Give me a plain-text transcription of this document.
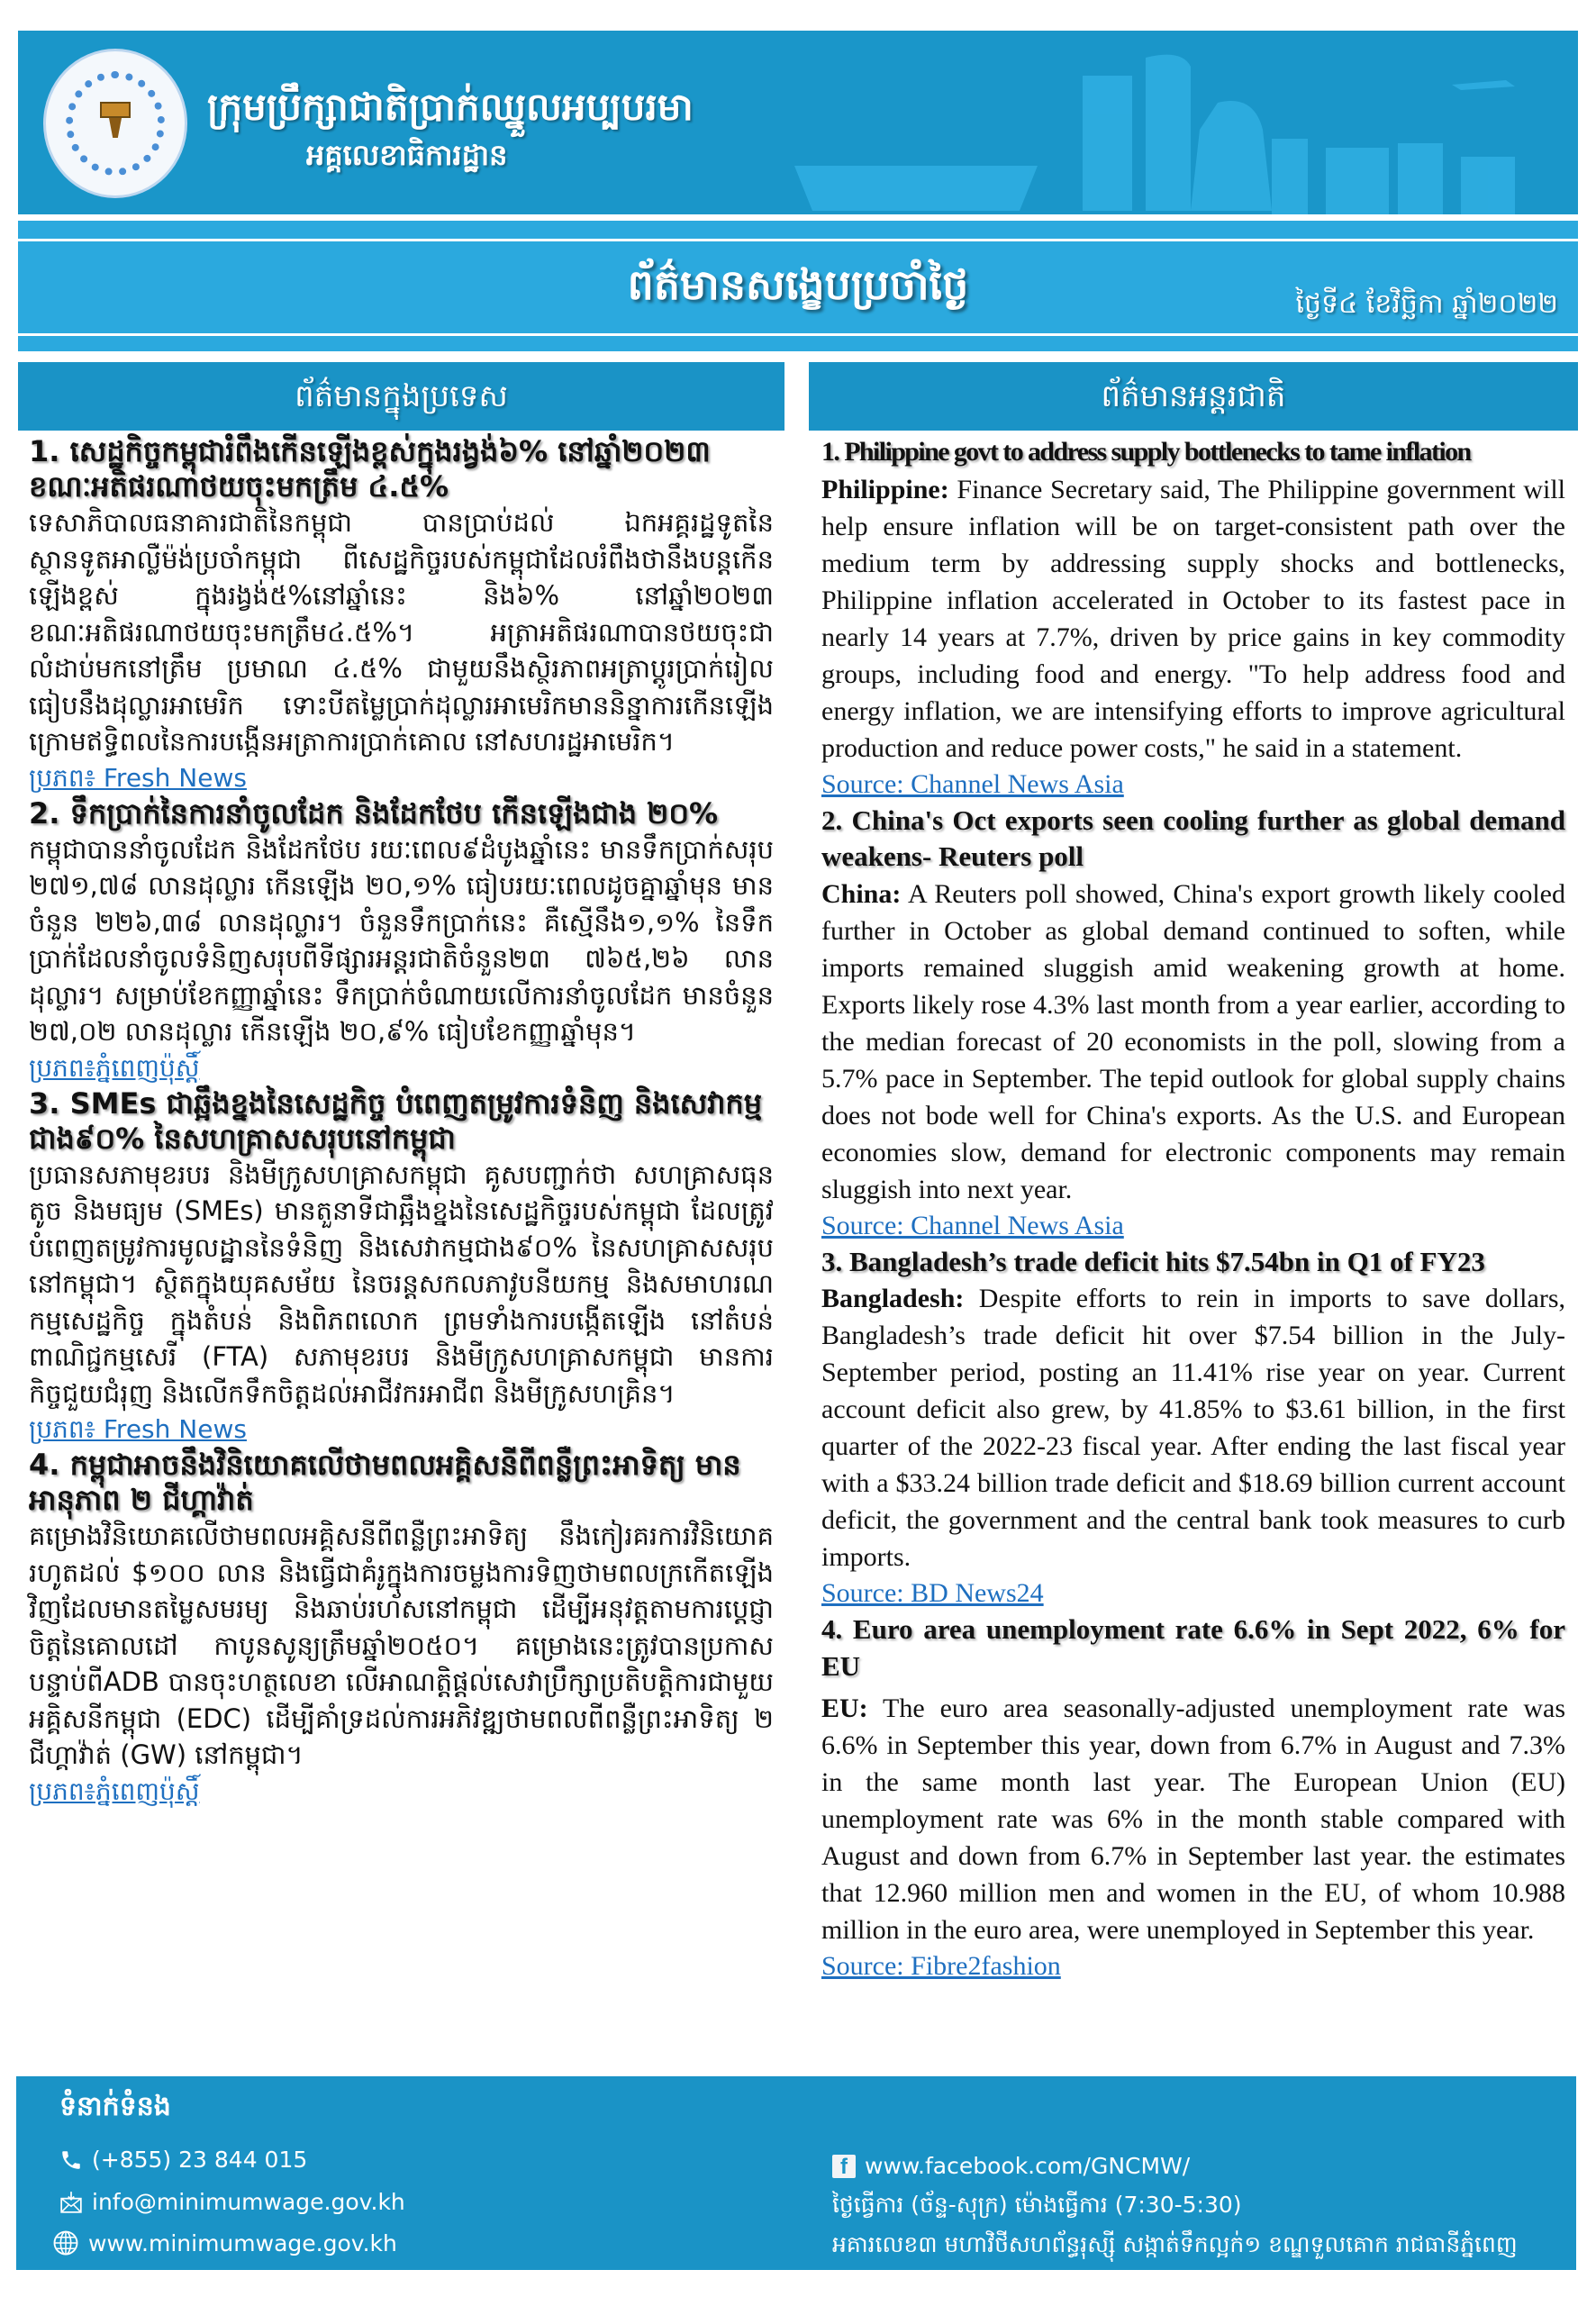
ក្រុមប្រឹក្សាជាតិប្រាក់ឈ្នួលអប្បបរមា
អគ្គលេខាធិការដ្ឋាន
ព័ត៌មានសង្ខេបប្រចាំថ្ងៃ	ថ្ងៃទី៤ ខែវិច្ឆិកា ឆ្នាំ២០២២
ព័ត៌មានក្នុងប្រទេស

1. សេដ្ឋកិច្ចកម្ពុជារំពឹងកើនឡើងខ្ពស់ក្នុងរង្វង់៦% នៅឆ្នាំ២០២៣ ខណៈអតិផរណាថយចុះមកត្រឹម ៤.៥%

ទេសាភិបាលធនាគារជាតិនៃកម្ពុជា បានប្រាប់ដល់ ឯកអគ្គរដ្ឋទូតនៃស្ថានទូតអាល្លឺម៉ង់ប្រចាំកម្ពុជា ពីសេដ្ឋកិច្ចរបស់កម្ពុជាដែលរំពឹងថានឹងបន្តកើនឡើងខ្ពស់ ក្នុងរង្វង់៥%នៅឆ្នាំនេះ និង៦% នៅឆ្នាំ២០២៣ ខណៈអតិផរណាថយចុះមកត្រឹម៤.៥%។ អត្រាអតិផរណាបានថយចុះជាលំដាប់មកនៅត្រឹម ប្រមាណ ៤.៥% ជាមួយនឹងស្ថិរភាពអត្រាប្តូរប្រាក់រៀល ធៀបនឹងដុល្លារអាមេរិក ទោះបីតម្លៃប្រាក់ដុល្លារអាមេរិកមាននិន្នាការកើនឡើង ក្រោមឥទ្ធិពលនៃការបង្កើនអត្រាការប្រាក់គោល នៅសហរដ្ឋអាមេរិក។

ប្រភព៖ Fresh News

2. ទឹកប្រាក់នៃការនាំចូលដែក និងដែកថែប កើនឡើងជាង ២០%

កម្ពុជាបាននាំចូលដែក និងដែកថែប រយៈពេល៩ដំបូងឆ្នាំនេះ មានទឹកប្រាក់សរុប ២៧១,៧៨ លានដុល្លារ កើនឡើង ២០,១% ធៀបរយៈពេលដូចគ្នាឆ្នាំមុន មានចំនួន ២២៦,៣៨ លានដុល្លារ។ ចំនួនទឹកប្រាក់នេះ គឺស្មើនឹង១,១% នៃទឹកប្រាក់ដែលនាំចូលទំនិញសរុបពីទីផ្សារអន្តរជាតិចំនួន២៣ ៧៦៥,២៦ លានដុល្លារ។ សម្រាប់ខែកញ្ញាឆ្នាំនេះ ទឹកប្រាក់ចំណាយលើការនាំចូលដែក មានចំនួន ២៧,០២ លានដុល្លារ កើនឡើង ២០,៩% ធៀបខែកញ្ញាឆ្នាំមុន។

ប្រភព៖ភ្នំពេញប៉ុស្តិ៍

3. SMEs ជាឆ្អឹងខ្នងនៃសេដ្ឋកិច្ច បំពេញតម្រូវការទំនិញ និងសេវាកម្មជាង៩០% នៃសហគ្រាសសរុបនៅកម្ពុជា

ប្រធានសភាមុខរបរ និងមីក្រូសហគ្រាសកម្ពុជា គូសបញ្ជាក់ថា សហគ្រាសធុនតូច និងមធ្យម (SMEs) មានតួនាទីជាឆ្អឹងខ្នងនៃសេដ្ឋកិច្ចរបស់កម្ពុជា ដែលត្រូវបំពេញតម្រូវការមូលដ្ឋាននៃទំនិញ និងសេវាកម្មជាង៩០% នៃសហគ្រាសសរុបនៅកម្ពុជា។ ស្ថិតក្នុងយុគសម័យ នៃចរន្តសកលភាវូបនីយកម្ម និងសមាហរណកម្មសេដ្ឋកិច្ច ក្នុងតំបន់ និងពិភពលោក ព្រមទាំងការបង្កើតឡើង នៅតំបន់ពាណិជ្ជកម្មសេរី (FTA) សភាមុខរបរ និងមីក្រូសហគ្រាសកម្ពុជា មានការកិច្ចជួយជំរុញ និងលើកទឹកចិត្តដល់អាជីវករអាជីព និងមីក្រូសហគ្រិន។

ប្រភព៖ Fresh News

4. កម្ពុជាអាចនឹងវិនិយោគលើថាមពលអគ្គិសនីពីពន្លឺព្រះអាទិត្យ មានអានុភាព ២ ជីហ្គាវ៉ាត់

គម្រោងវិនិយោគលើថាមពលអគ្គិសនីពីពន្លឺព្រះអាទិត្យ នឹងកៀរគរការវិនិយោគរហូតដល់ $១០០ លាន និងធ្វើជាគំរូក្នុងការចម្លងការទិញថាមពលក្រកើតឡើងវិញដែលមានតម្លៃសមរម្យ និងឆាប់រហ័សនៅកម្ពុជា ដើម្បីអនុវត្តតាមការប្តេជ្ញាចិត្តនៃគោលដៅ កាបូនសូន្យត្រឹមឆ្នាំ២០៥០។ គម្រោងនេះត្រូវបានប្រកាសបន្ទាប់ពីADB បានចុះហត្ថលេខា លើអាណត្តិផ្តល់សេវាប្រឹក្សាប្រតិបត្តិការជាមួយអគ្គិសនីកម្ពុជា (EDC) ដើម្បីគាំទ្រដល់ការអភិវឌ្ឍថាមពលពីពន្លឺព្រះអាទិត្យ ២ ជីហ្គាវ៉ាត់ (GW) នៅកម្ពុជា។

ប្រភព៖ភ្នំពេញប៉ុស្តិ៍
ព័ត៌មានអន្តរជាតិ

1. Philippine govt to address supply bottlenecks to tame inflation

Philippine: Finance Secretary said, The Philippine government will help ensure inflation will be on target-consistent path over the medium term by addressing supply shocks and bottlenecks, Philippine inflation accelerated in October to its fastest pace in nearly 14 years at 7.7%, driven by price gains in key commodity groups, including food and energy. "To help address food and energy inflation, we are intensifying efforts to improve agricultural production and reduce power costs," he said in a statement.

Source: Channel News Asia

2. China's Oct exports seen cooling further as global demand weakens- Reuters poll

China: A Reuters poll showed, China's export growth likely cooled further in October as global demand continued to soften, while imports remained sluggish amid weakening growth at home. Exports likely rose 4.3% last month from a year earlier, according to the median forecast of 20 economists in the poll, slowing from a 5.7% pace in September. The tepid outlook for global supply chains does not bode well for China's exports. As the U.S. and European economies slow, demand for electronic components may remain sluggish into next year.

Source: Channel News Asia

3. Bangladesh’s trade deficit hits $7.54bn in Q1 of FY23

Bangladesh: Despite efforts to rein in imports to save dollars, Bangladesh’s trade deficit hit over $7.54 billion in the July-September period, posting an 11.41% rise year on year. Current account deficit also grew, by 41.85% to $3.61 billion, in the first quarter of the 2022-23 fiscal year. After ending the last fiscal year with a $33.24 billion trade deficit and $18.69 billion current account deficit, the government and the central bank took measures to curb imports.

Source: BD News24

4. Euro area unemployment rate 6.6% in Sept 2022, 6% for EU

EU: The euro area seasonally-adjusted unemployment rate was 6.6% in September this year, down from 6.7% in August and 7.3% in the same month last year. The European Union (EU) unemployment rate was 6% in the month stable compared with August and down from 6.7% in September last year. the estimates that 12.960 million men and women in the EU, of whom 10.988 million in the euro area, were unemployed in September this year.

Source: Fibre2fashion
ទំនាក់ទំនង
(+855) 23 844 015
info@minimumwage.gov.kh
www.minimumwage.gov.kh
f www.facebook.com/GNCMW/
ថ្ងៃធ្វើការ (ច័ន្ទ-សុក្រ) ម៉ោងធ្វើការ (7:30-5:30)
អគារលេខ៣ មហាវិថីសហព័ន្ធរុស្ស៊ី សង្កាត់ទឹកល្អក់១ ខណ្ឌទួលគោក រាជធានីភ្នំពេញ
